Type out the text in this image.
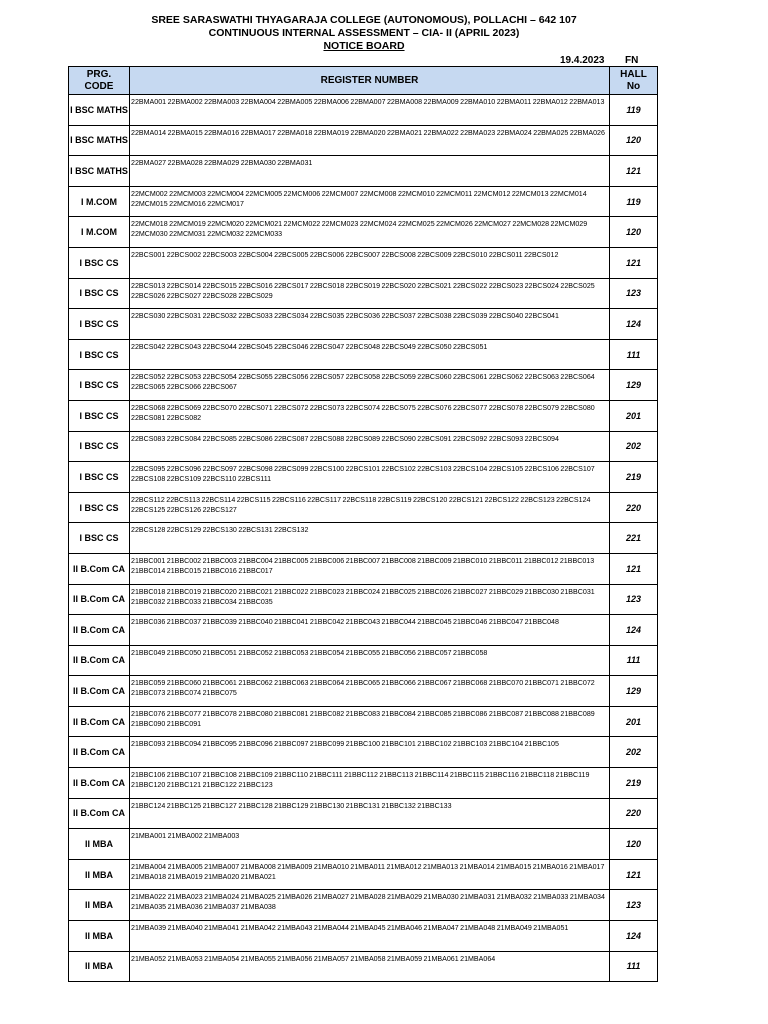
SREE SARASWATHI THYAGARAJA COLLEGE (AUTONOMOUS), POLLACHI – 642 107
CONTINUOUS INTERNAL ASSESSMENT – CIA- II (APRIL 2023)
NOTICE BOARD
19.4.2023 FN
PRG.
CODE	REGISTER NUMBER	HALL
No
I BSC MATHS	22BMA001 22BMA002 22BMA003 22BMA004 22BMA005 22BMA006 22BMA007 22BMA008 22BMA009 22BMA010 22BMA011 22BMA012 22BMA013	119
I BSC MATHS	22BMA014 22BMA015 22BMA016 22BMA017 22BMA018 22BMA019 22BMA020 22BMA021 22BMA022 22BMA023 22BMA024 22BMA025 22BMA026	120
I BSC MATHS	22BMA027 22BMA028 22BMA029 22BMA030 22BMA031	121
I M.COM	22MCM002 22MCM003 22MCM004 22MCM005 22MCM006 22MCM007 22MCM008 22MCM010 22MCM011 22MCM012 22MCM013 22MCM014 22MCM015 22MCM016 22MCM017	119
I M.COM	22MCM018 22MCM019 22MCM020 22MCM021 22MCM022 22MCM023 22MCM024 22MCM025 22MCM026 22MCM027 22MCM028 22MCM029 22MCM030 22MCM031 22MCM032 22MCM033	120
I BSC CS	22BCS001 22BCS002 22BCS003 22BCS004 22BCS005 22BCS006 22BCS007 22BCS008 22BCS009 22BCS010 22BCS011 22BCS012	121
I BSC CS	22BCS013 22BCS014 22BCS015 22BCS016 22BCS017 22BCS018 22BCS019 22BCS020 22BCS021 22BCS022 22BCS023 22BCS024 22BCS025 22BCS026 22BCS027 22BCS028 22BCS029	123
I BSC CS	22BCS030 22BCS031 22BCS032 22BCS033 22BCS034 22BCS035 22BCS036 22BCS037 22BCS038 22BCS039 22BCS040 22BCS041	124
I BSC CS	22BCS042 22BCS043 22BCS044 22BCS045 22BCS046 22BCS047 22BCS048 22BCS049 22BCS050 22BCS051	111
I BSC CS	22BCS052 22BCS053 22BCS054 22BCS055 22BCS056 22BCS057 22BCS058 22BCS059 22BCS060 22BCS061 22BCS062 22BCS063 22BCS064 22BCS065 22BCS066 22BCS067	129
I BSC CS	22BCS068 22BCS069 22BCS070 22BCS071 22BCS072 22BCS073 22BCS074 22BCS075 22BCS076 22BCS077 22BCS078 22BCS079 22BCS080 22BCS081 22BCS082	201
I BSC CS	22BCS083 22BCS084 22BCS085 22BCS086 22BCS087 22BCS088 22BCS089 22BCS090 22BCS091 22BCS092 22BCS093 22BCS094	202
I BSC CS	22BCS095 22BCS096 22BCS097 22BCS098 22BCS099 22BCS100 22BCS101 22BCS102 22BCS103 22BCS104 22BCS105 22BCS106 22BCS107 22BCS108 22BCS109 22BCS110 22BCS111	219
I BSC CS	22BCS112 22BCS113 22BCS114 22BCS115 22BCS116 22BCS117 22BCS118 22BCS119 22BCS120 22BCS121 22BCS122 22BCS123 22BCS124 22BCS125 22BCS126 22BCS127	220
I BSC CS	22BCS128 22BCS129 22BCS130 22BCS131 22BCS132	221
II B.Com CA	21BBC001 21BBC002 21BBC003 21BBC004 21BBC005 21BBC006 21BBC007 21BBC008 21BBC009 21BBC010 21BBC011 21BBC012 21BBC013 21BBC014 21BBC015 21BBC016 21BBC017	121
II B.Com CA	21BBC018 21BBC019 21BBC020 21BBC021 21BBC022 21BBC023 21BBC024 21BBC025 21BBC026 21BBC027 21BBC029 21BBC030 21BBC031 21BBC032 21BBC033 21BBC034 21BBC035	123
II B.Com CA	21BBC036 21BBC037 21BBC039 21BBC040 21BBC041 21BBC042 21BBC043 21BBC044 21BBC045 21BBC046 21BBC047 21BBC048	124
II B.Com CA	21BBC049 21BBC050 21BBC051 21BBC052 21BBC053 21BBC054 21BBC055 21BBC056 21BBC057 21BBC058	111
II B.Com CA	21BBC059 21BBC060 21BBC061 21BBC062 21BBC063 21BBC064 21BBC065 21BBC066 21BBC067 21BBC068 21BBC070 21BBC071 21BBC072 21BBC073 21BBC074 21BBC075	129
II B.Com CA	21BBC076 21BBC077 21BBC078 21BBC080 21BBC081 21BBC082 21BBC083 21BBC084 21BBC085 21BBC086 21BBC087 21BBC088 21BBC089 21BBC090 21BBC091	201
II B.Com CA	21BBC093 21BBC094 21BBC095 21BBC096 21BBC097 21BBC099 21BBC100 21BBC101 21BBC102 21BBC103 21BBC104 21BBC105	202
II B.Com CA	21BBC106 21BBC107 21BBC108 21BBC109 21BBC110 21BBC111 21BBC112 21BBC113 21BBC114 21BBC115 21BBC116 21BBC118 21BBC119 21BBC120 21BBC121 21BBC122 21BBC123	219
II B.Com CA	21BBC124 21BBC125 21BBC127 21BBC128 21BBC129 21BBC130 21BBC131 21BBC132 21BBC133	220
II MBA	21MBA001 21MBA002 21MBA003	120
II MBA	21MBA004 21MBA005 21MBA007 21MBA008 21MBA009 21MBA010 21MBA011 21MBA012 21MBA013 21MBA014 21MBA015 21MBA016 21MBA017 21MBA018 21MBA019 21MBA020 21MBA021	121
II MBA	21MBA022 21MBA023 21MBA024 21MBA025 21MBA026 21MBA027 21MBA028 21MBA029 21MBA030 21MBA031 21MBA032 21MBA033 21MBA034 21MBA035 21MBA036 21MBA037 21MBA038	123
II MBA	21MBA039 21MBA040 21MBA041 21MBA042 21MBA043 21MBA044 21MBA045 21MBA046 21MBA047 21MBA048 21MBA049 21MBA051	124
II MBA	21MBA052 21MBA053 21MBA054 21MBA055 21MBA056 21MBA057 21MBA058 21MBA059 21MBA061 21MBA064	111
